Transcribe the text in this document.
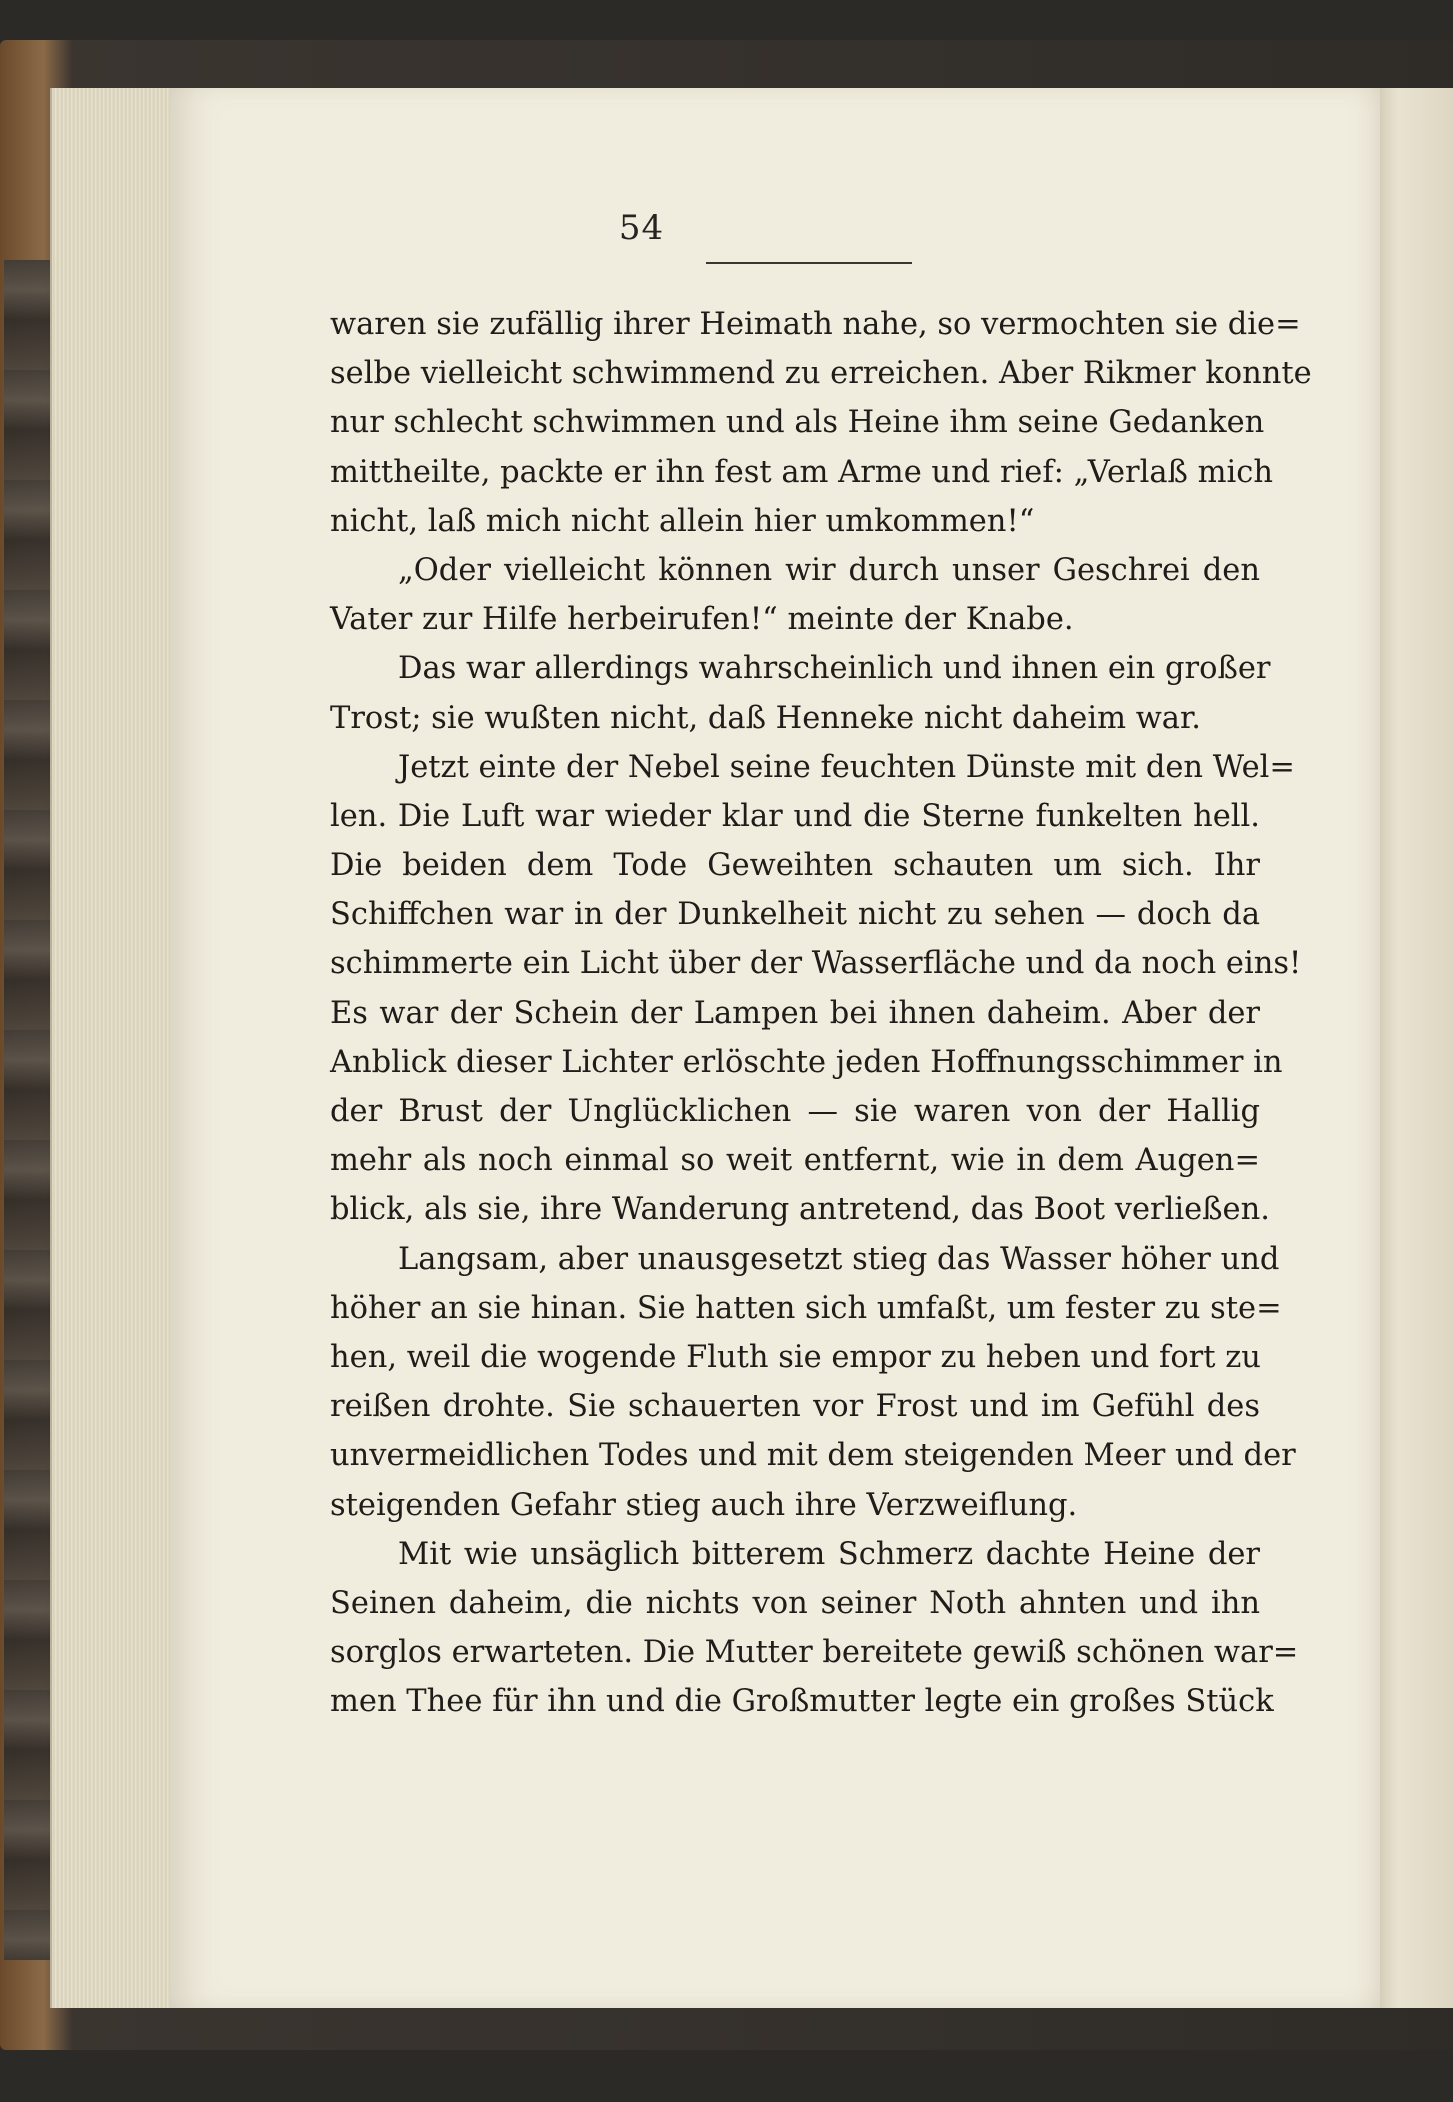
54
waren sie zufällig ihrer Heimath nahe, so vermochten sie die=
selbe vielleicht schwimmend zu erreichen. Aber Rikmer konnte
nur schlecht schwimmen und als Heine ihm seine Gedanken
mittheilte, packte er ihn fest am Arme und rief: „Verlaß mich
nicht, laß mich nicht allein hier umkommen!“
„Oder vielleicht können wir durch unser Geschrei den
Vater zur Hilfe herbeirufen!“ meinte der Knabe.
Das war allerdings wahrscheinlich und ihnen ein großer
Trost; sie wußten nicht, daß Henneke nicht daheim war.
Jetzt einte der Nebel seine feuchten Dünste mit den Wel=
len. Die Luft war wieder klar und die Sterne funkelten hell.
Die beiden dem Tode Geweihten schauten um sich. Ihr
Schiffchen war in der Dunkelheit nicht zu sehen — doch da
schimmerte ein Licht über der Wasserfläche und da noch eins!
Es war der Schein der Lampen bei ihnen daheim. Aber der
Anblick dieser Lichter erlöschte jeden Hoffnungsschimmer in
der Brust der Unglücklichen — sie waren von der Hallig
mehr als noch einmal so weit entfernt, wie in dem Augen=
blick, als sie, ihre Wanderung antretend, das Boot verließen.
Langsam, aber unausgesetzt stieg das Wasser höher und
höher an sie hinan. Sie hatten sich umfaßt, um fester zu ste=
hen, weil die wogende Fluth sie empor zu heben und fort zu
reißen drohte. Sie schauerten vor Frost und im Gefühl des
unvermeidlichen Todes und mit dem steigenden Meer und der
steigenden Gefahr stieg auch ihre Verzweiflung.
Mit wie unsäglich bitterem Schmerz dachte Heine der
Seinen daheim, die nichts von seiner Noth ahnten und ihn
sorglos erwarteten. Die Mutter bereitete gewiß schönen war=
men Thee für ihn und die Großmutter legte ein großes Stück
